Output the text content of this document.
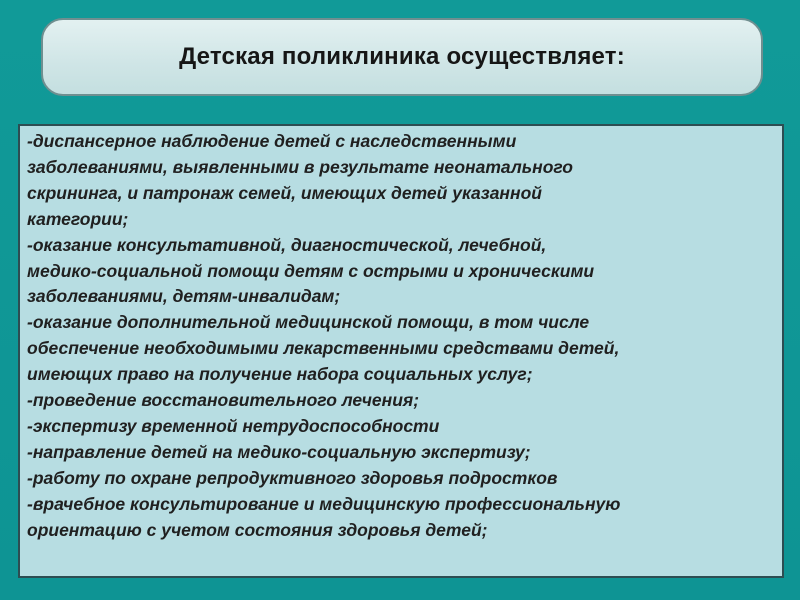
Детская поликлиника осуществляет:
-диспансерное наблюдение детей с наследственными
заболеваниями, выявленными в результате неонатального
скрининга, и патронаж семей, имеющих детей указанной
категории;
-оказание консультативной, диагностической, лечебной,
медико-социальной помощи детям с острыми и хроническими
заболеваниями, детям-инвалидам;
-оказание дополнительной медицинской помощи, в том числе
обеспечение необходимыми лекарственными средствами детей,
имеющих право на получение набора социальных услуг;
-проведение восстановительного лечения;
-экспертизу временной нетрудоспособности
-направление детей на медико-социальную экспертизу;
-работу по охране репродуктивного здоровья подростков
-врачебное консультирование и медицинскую профессиональную
ориентацию с учетом состояния здоровья детей;
